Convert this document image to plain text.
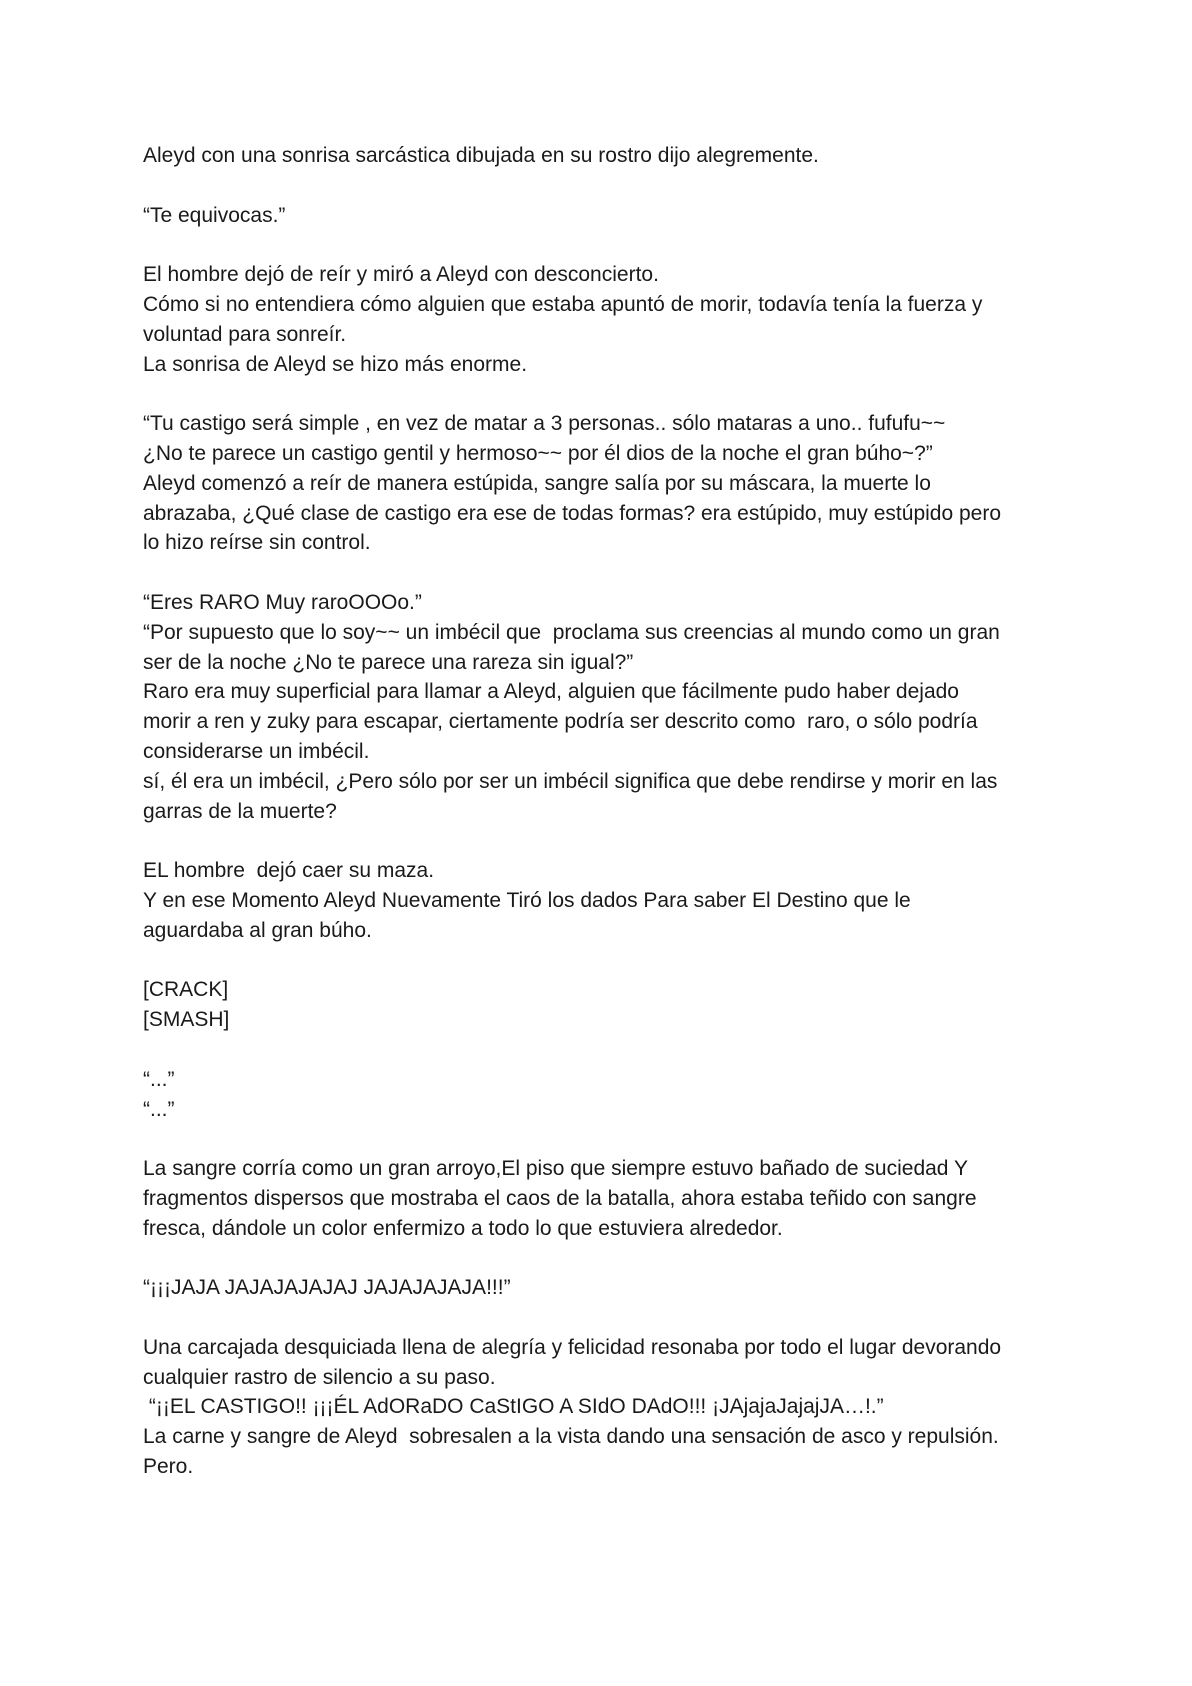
Aleyd con una sonrisa sarcástica dibujada en su rostro dijo alegremente.
“Te equivocas.”
El hombre dejó de reír y miró a Aleyd con desconcierto.
Cómo si no entendiera cómo alguien que estaba apuntó de morir, todavía tenía la fuerza y
voluntad para sonreír.
La sonrisa de Aleyd se hizo más enorme.
“Tu castigo será simple , en vez de matar a 3 personas.. sólo mataras a uno.. fufufu~~
¿No te parece un castigo gentil y hermoso~~ por él dios de la noche el gran búho~?”
Aleyd comenzó a reír de manera estúpida, sangre salía por su máscara, la muerte lo
abrazaba, ¿Qué clase de castigo era ese de todas formas? era estúpido, muy estúpido pero
lo hizo reírse sin control.
“Eres RARO Muy raroOOOo.”
“Por supuesto que lo soy~~ un imbécil que  proclama sus creencias al mundo como un gran
ser de la noche ¿No te parece una rareza sin igual?”
Raro era muy superficial para llamar a Aleyd, alguien que fácilmente pudo haber dejado
morir a ren y zuky para escapar, ciertamente podría ser descrito como  raro, o sólo podría
considerarse un imbécil.
sí, él era un imbécil, ¿Pero sólo por ser un imbécil significa que debe rendirse y morir en las
garras de la muerte?
EL hombre  dejó caer su maza.
Y en ese Momento Aleyd Nuevamente Tiró los dados Para saber El Destino que le
aguardaba al gran búho.
[CRACK]
[SMASH]
“...”
“...”
La sangre corría como un gran arroyo,El piso que siempre estuvo bañado de suciedad Y
fragmentos dispersos que mostraba el caos de la batalla, ahora estaba teñido con sangre
fresca, dándole un color enfermizo a todo lo que estuviera alrededor.
“¡¡¡JAJA JAJAJAJAJAJ JAJAJAJAJA!!!”
Una carcajada desquiciada llena de alegría y felicidad resonaba por todo el lugar devorando
cualquier rastro de silencio a su paso.
“¡¡EL CASTIGO!! ¡¡¡ÉL AdORaDO CaStIGO A SIdO DAdO!!! ¡JAjajaJajajJA…!.”
La carne y sangre de Aleyd  sobresalen a la vista dando una sensación de asco y repulsión.
Pero.
